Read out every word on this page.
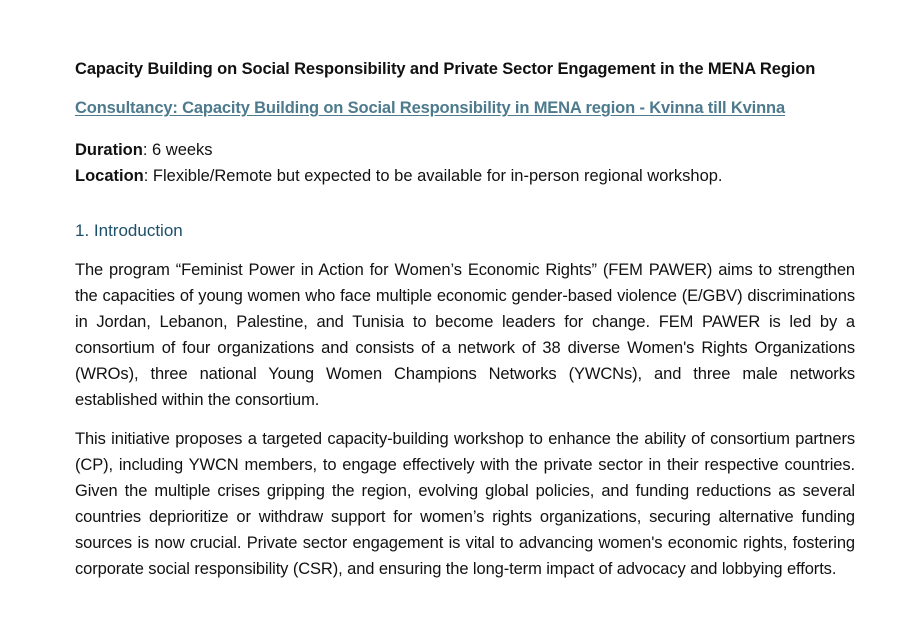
Capacity Building on Social Responsibility and Private Sector Engagement in the MENA Region
Consultancy: Capacity Building on Social Responsibility in MENA region - Kvinna till Kvinna
Duration: 6 weeks
Location: Flexible/Remote but expected to be available for in-person regional workshop.
1. Introduction

The program “Feminist Power in Action for Women’s Economic Rights” (FEM PAWER) aims to strengthen the capacities of young women who face multiple economic gender-based violence (E/GBV) discriminations in Jordan, Lebanon, Palestine, and Tunisia to become leaders for change. FEM PAWER is led by a consortium of four organizations and consists of a network of 38 diverse Women's Rights Organizations (WROs), three national Young Women Champions Networks (YWCNs), and three male networks established within the consortium.

This initiative proposes a targeted capacity-building workshop to enhance the ability of consortium partners (CP), including YWCN members, to engage effectively with the private sector in their respective countries. Given the multiple crises gripping the region, evolving global policies, and funding reductions as several countries deprioritize or withdraw support for women’s rights organizations, securing alternative funding sources is now crucial. Private sector engagement is vital to advancing women's economic rights, fostering corporate social responsibility (CSR), and ensuring the long-term impact of advocacy and lobbying efforts.
